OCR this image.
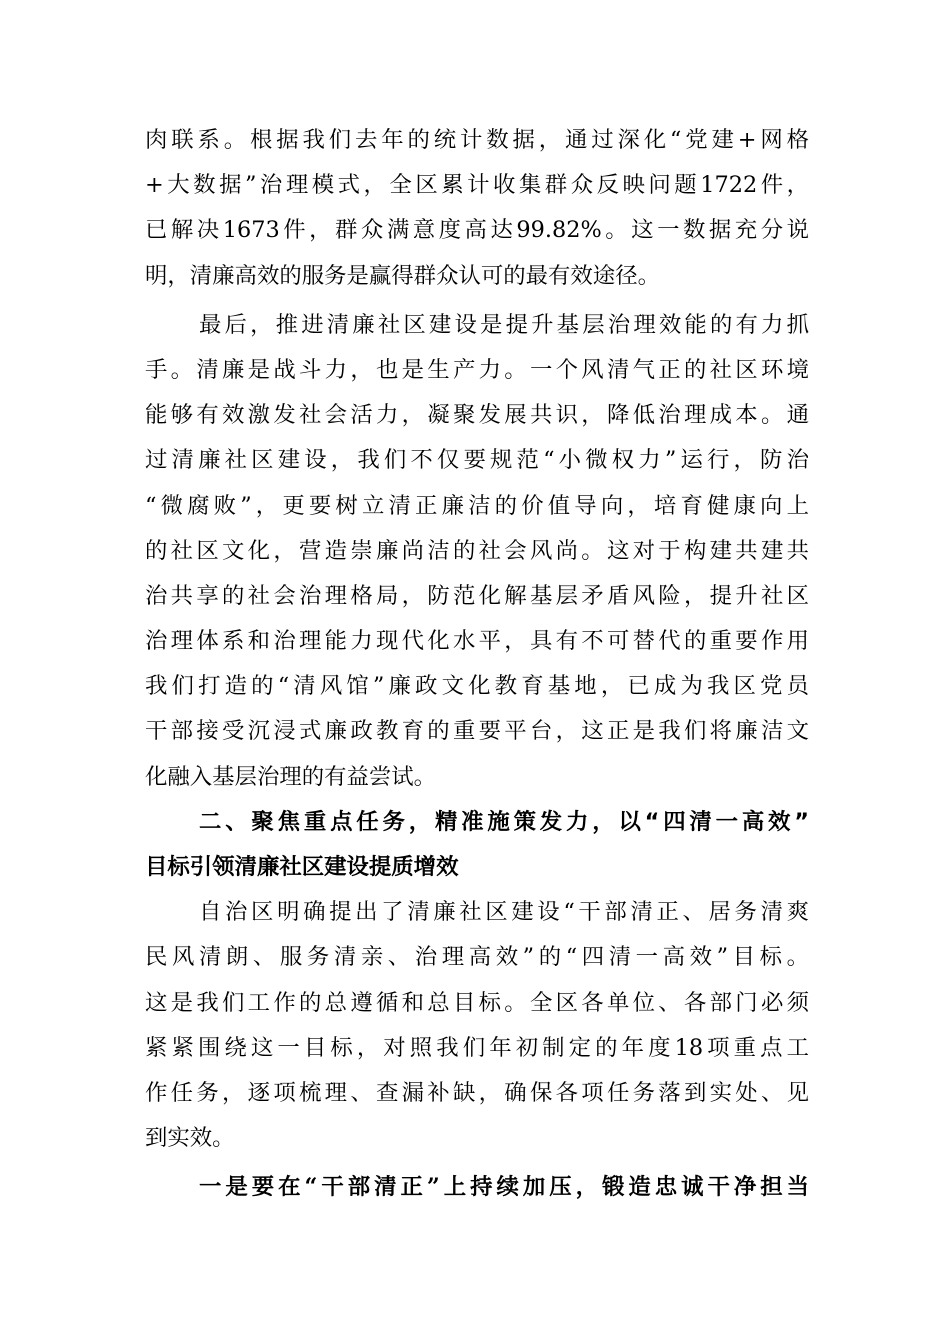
肉联系。根据我们去年的统计数据，通过深化“党建+网格
+大数据”治理模式，全区累计收集群众反映问题1722件，
已解决1673件，群众满意度高达99.82%。这一数据充分说
明，清廉高效的服务是赢得群众认可的最有效途径。
最后，推进清廉社区建设是提升基层治理效能的有力抓
手。清廉是战斗力，也是生产力。一个风清气正的社区环境
能够有效激发社会活力，凝聚发展共识，降低治理成本。通
过清廉社区建设，我们不仅要规范“小微权力”运行，防治
“微腐败”，更要树立清正廉洁的价值导向，培育健康向上
的社区文化，营造崇廉尚洁的社会风尚。这对于构建共建共
治共享的社会治理格局，防范化解基层矛盾风险，提升社区
治理体系和治理能力现代化水平，具有不可替代的重要作用
我们打造的“清风馆”廉政文化教育基地，已成为我区党员
干部接受沉浸式廉政教育的重要平台，这正是我们将廉洁文
化融入基层治理的有益尝试。
二、聚焦重点任务，精准施策发力，以“四清一高效”
目标引领清廉社区建设提质增效
自治区明确提出了清廉社区建设“干部清正、居务清爽
民风清朗、服务清亲、治理高效”的“四清一高效”目标。
这是我们工作的总遵循和总目标。全区各单位、各部门必须
紧紧围绕这一目标，对照我们年初制定的年度18项重点工
作任务，逐项梳理、查漏补缺，确保各项任务落到实处、见
到实效。
一是要在“干部清正”上持续加压，锻造忠诚干净担当
